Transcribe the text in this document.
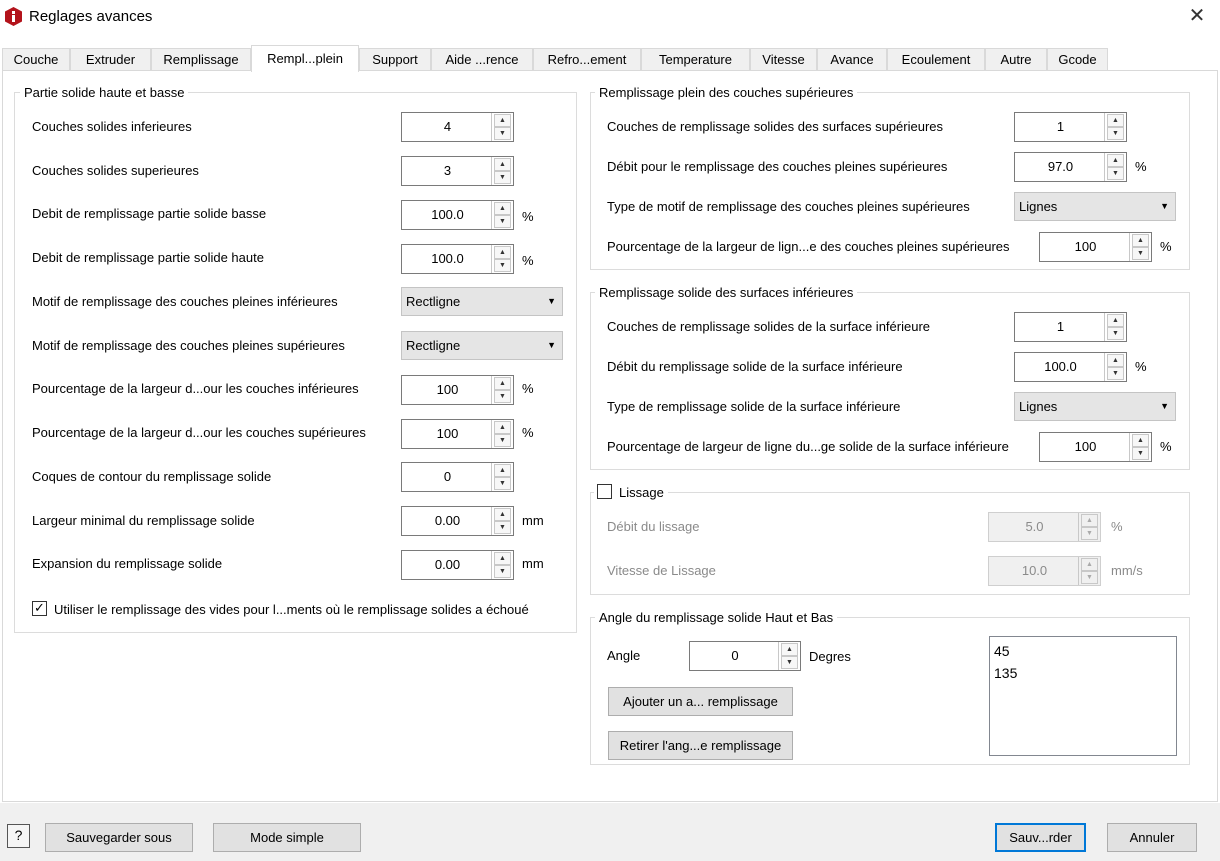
Reglages avances	✕
Couche	Extruder	Remplissage	Rempl...plein	Support	Aide ...rence	Refro...ement	Temperature	Vitesse	Avance	Ecoulement	Autre	Gcode
Partie solide haute et basse
Couches solides inferieures	4	▲
▼
Couches solides superieures	3	▲
▼
Debit de remplissage partie solide basse	100.0	▲
▼	%
Debit de remplissage partie solide haute	100.0	▲
▼	%
Motif de remplissage des couches pleines inférieures	Rectligne	▼
Motif de remplissage des couches pleines supérieures	Rectligne	▼
Pourcentage de la largeur d...our les couches inférieures	100	▲
▼
%
Pourcentage de la largeur d...our les couches supérieures	100	▲
▼
%
Coques de contour du remplissage solide	0	▲
▼
Largeur minimal du remplissage solide	0.00	▲
▼	mm
Expansion du remplissage solide	0.00	▲
▼
mm
✓ Utiliser le remplissage des vides pour l...ments où le remplissage solides a échoué
Remplissage plein des couches supérieures
Couches de remplissage solides des surfaces supérieures	1	▲
▼
Débit pour le remplissage des couches pleines supérieures	97.0	▲
▼	%
Type de motif de remplissage des couches pleines supérieures	Lignes	▼
Pourcentage de la largeur de lign...e des couches pleines supérieures	100	▲
▼	%
Remplissage solide des surfaces inférieures
Couches de remplissage solides de la surface inférieure	1	▲
▼
Débit du remplissage solide de la surface inférieure	100.0	▲
▼	%
Type de remplissage solide de la surface inférieure	Lignes	▼
Pourcentage de largeur de ligne du...ge solide de la surface inférieure	100	▲
▼	%
Lissage
Débit du lissage	5.0	▲
▼	%
Vitesse de Lissage	10.0	▲
▼	mm/s
Angle du remplissage solide Haut et Bas
Angle	0	▲
▼	Degres
Ajouter un a... remplissage
Retirer l'ang...e remplissage
45
135
?	Sauvegarder sous	Mode simple	Sauv...rder	Annuler
